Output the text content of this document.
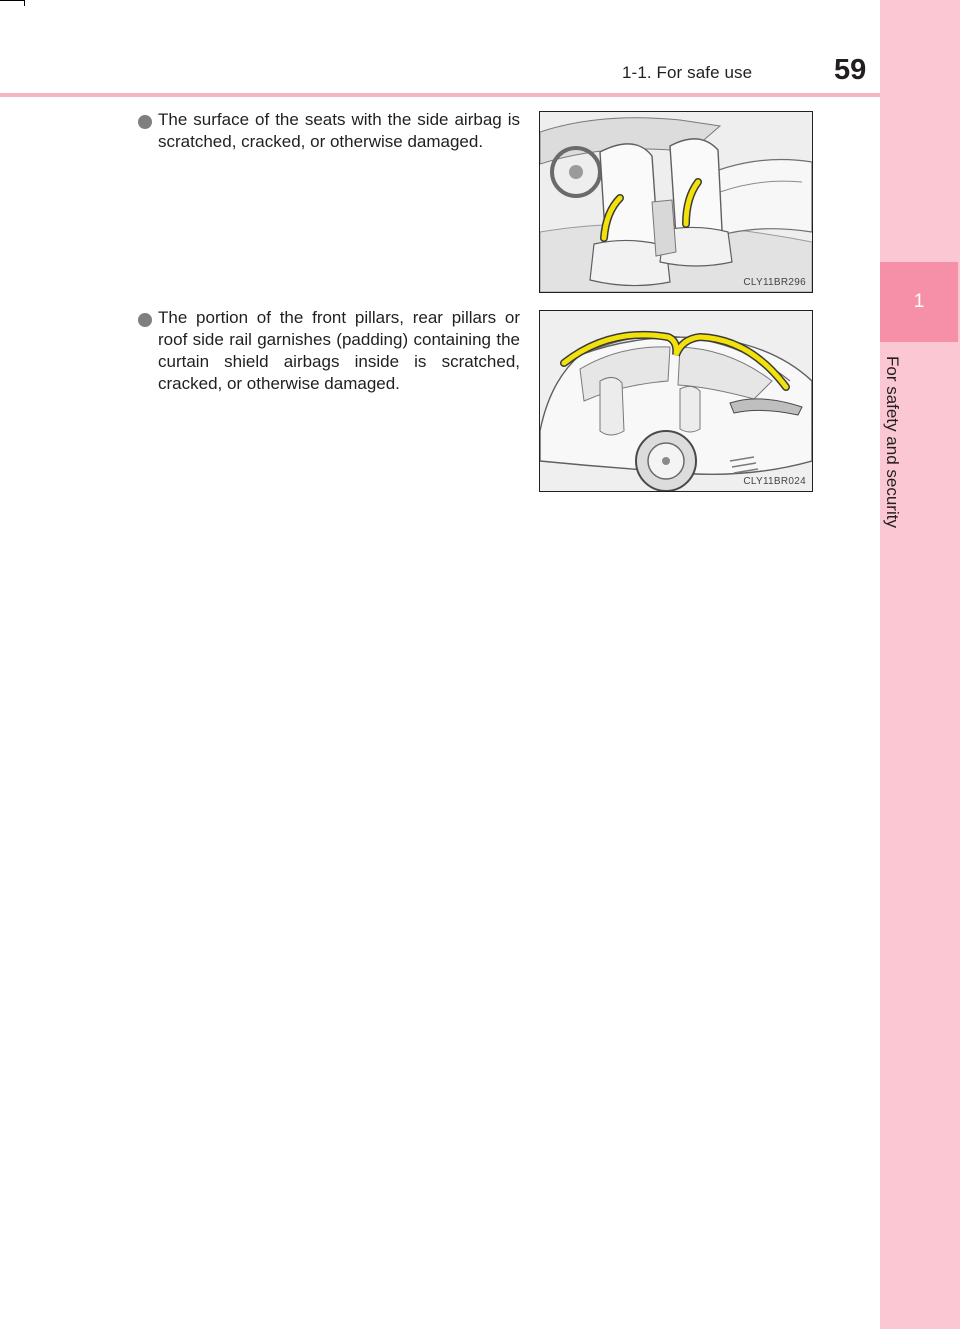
1-1. For safe use	59
1
For safety and security
The surface of the seats with the side airbag is scratched, cracked, or otherwise damaged.
CLY11BR296
The portion of the front pillars, rear pillars or roof side rail garnishes (padding) containing the curtain shield airbags inside is scratched, cracked, or otherwise damaged.
CLY11BR024
